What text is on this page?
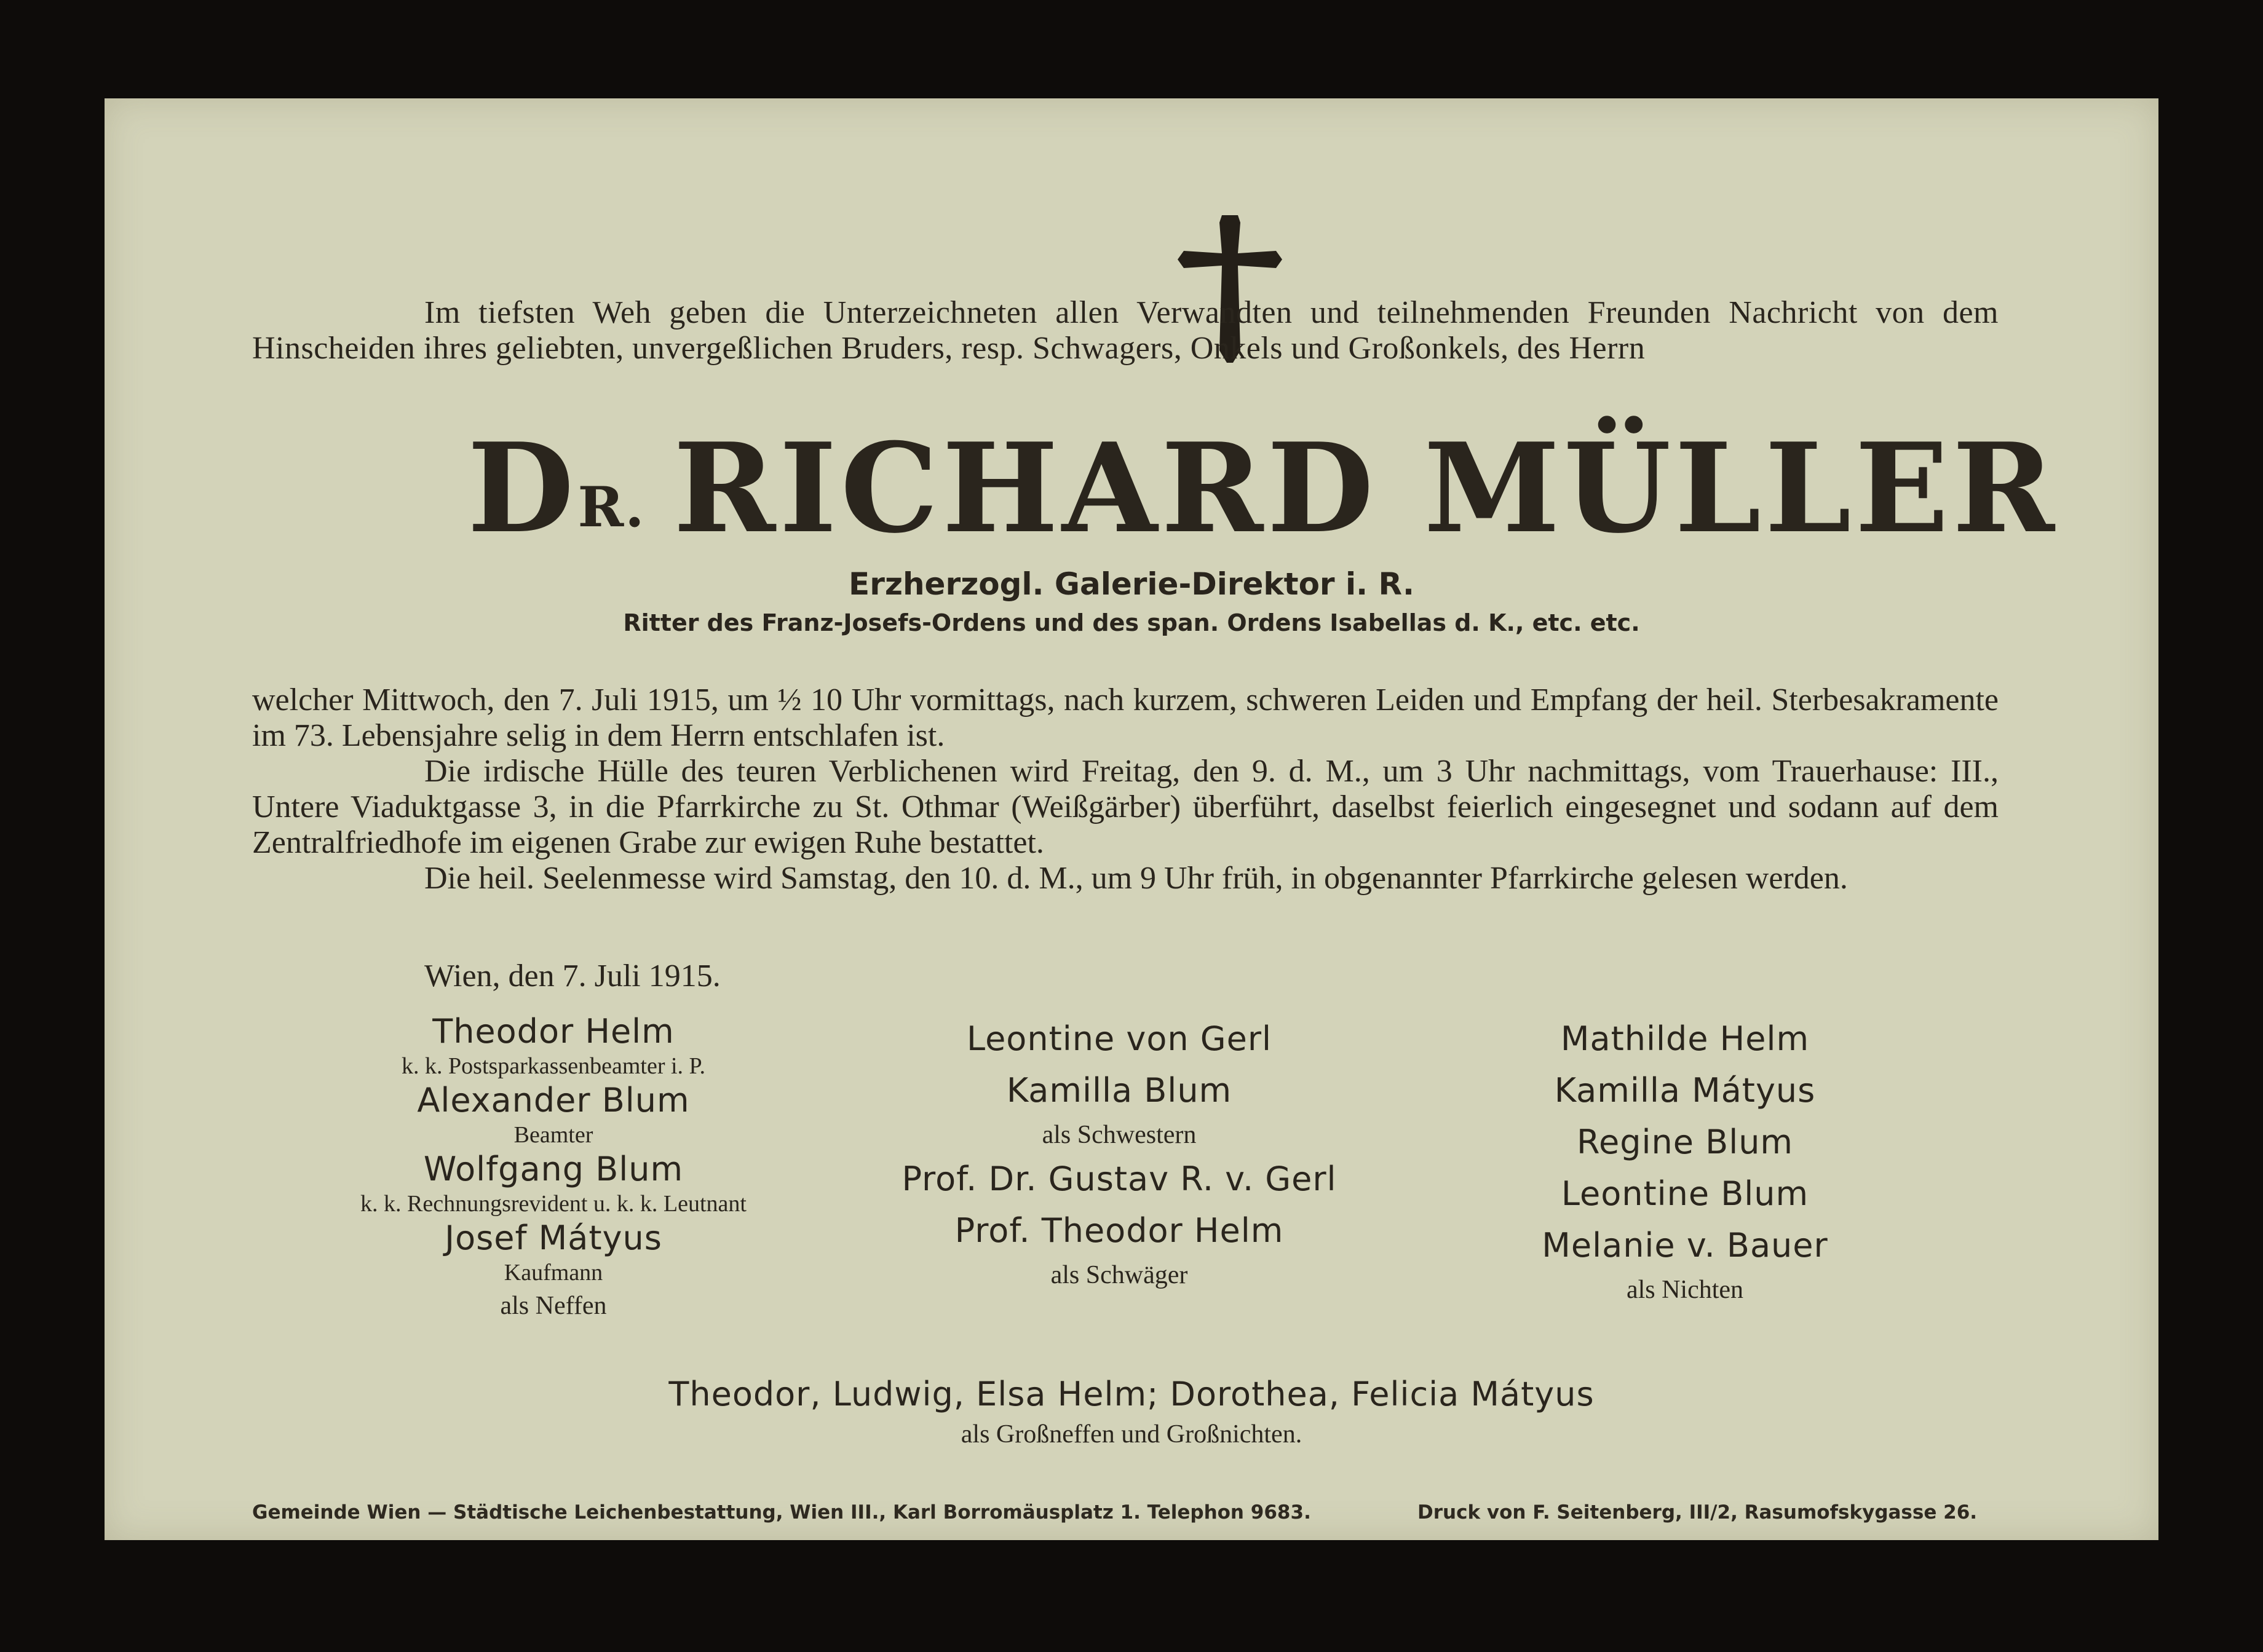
Im tiefsten Weh geben die Unterzeichneten allen Verwandten und teilnehmenden Freunden Nachricht von dem Hinscheiden ihres geliebten, unvergeßlichen Bruders, resp. Schwagers, Onkels und Großonkels, des Herrn
$D^{R.}$ RICHARD MÜLLER
Erzherzogl. Galerie-Direktor i. R.
Ritter des Franz-Josefs-Ordens und des span. Ordens Isabellas d. K., etc. etc.

welcher Mittwoch, den 7. Juli 1915, um ½ 10 Uhr vormittags, nach kurzem, schweren Leiden und Empfang der heil. Sterbesakramente im 73. Lebensjahre selig in dem Herrn entschlafen ist.

Die irdische Hülle des teuren Verblichenen wird Freitag, den 9. d. M., um 3 Uhr nachmittags, vom Trauerhause: III., Untere Viaduktgasse 3, in die Pfarrkirche zu St. Othmar (Weißgärber) überführt, daselbst feierlich eingesegnet und sodann auf dem Zentralfriedhofe im eigenen Grabe zur ewigen Ruhe bestattet.

Die heil. Seelenmesse wird Samstag, den 10. d. M., um 9 Uhr früh, in obgenannter Pfarrkirche gelesen werden.

Wien, den 7. Juli 1915.
Theodor Helm
k. k. Postsparkassenbeamter i. P.
Alexander Blum
Beamter
Wolfgang Blum
k. k. Rechnungsrevident u. k. k. Leutnant
Josef Mátyus
Kaufmann
als Neffen
Leontine von Gerl
Kamilla Blum
als Schwestern
Prof. Dr. Gustav R. v. Gerl
Prof. Theodor Helm
als Schwäger
Mathilde Helm
Kamilla Mátyus
Regine Blum
Leontine Blum
Melanie v. Bauer
als Nichten
Theodor, Ludwig, Elsa Helm; Dorothea, Felicia Mátyus
als Großneffen und Großnichten.
Gemeinde Wien — Städtische Leichenbestattung, Wien III., Karl Borromäusplatz 1. Telephon 9683.	Druck von F. Seitenberg, III/2, Rasumofskygasse 26.
